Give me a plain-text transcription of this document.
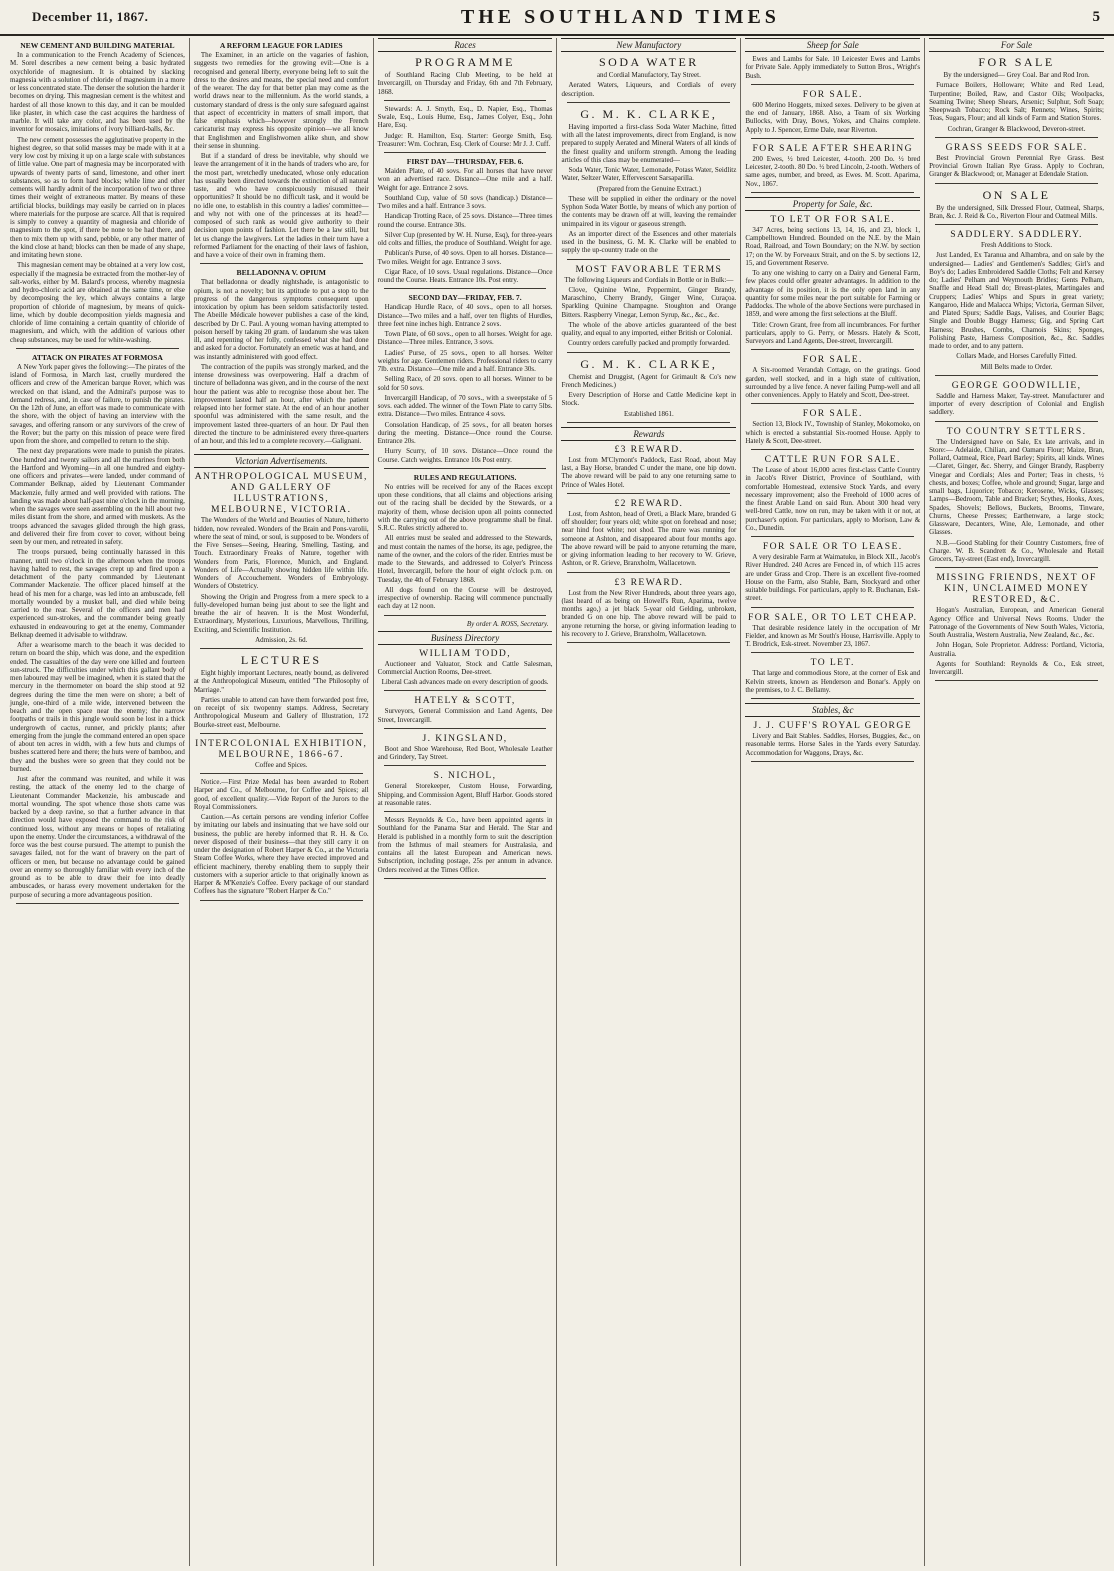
December 11, 1867.	THE SOUTHLAND TIMES	5
NEW CEMENT AND BUILDING MATERIAL

In a communication to the French Academy of Sciences, M. Sorel describes a new cement being a basic hydrated oxychloride of magnesium. It is obtained by slacking magnesia with a solution of chloride of magnesium in a more or less concentrated state. The denser the solution the harder it becomes on drying. This magnesian cement is the whitest and hardest of all those known to this day, and it can be moulded like plaster, in which case the cast acquires the hardness of marble. It will take any color, and has been used by the inventor for mosaics, imitations of ivory billiard-balls, &c.

The new cement possesses the agglutinative property in the highest degree, so that solid masses may be made with it at a very low cost by mixing it up on a large scale with substances of little value. One part of magnesia may be incorporated with upwards of twenty parts of sand, limestone, and other inert substances, so as to form hard blocks; while lime and other cements will hardly admit of the incorporation of two or three times their weight of extraneous matter. By means of these artificial blocks, buildings may easily be carried on in places where materials for the purpose are scarce. All that is required is simply to convey a quantity of magnesia and chloride of magnesium to the spot, if there be none to be had there, and then to mix them up with sand, pebble, or any other matter of the kind close at hand; blocks can then be made of any shape, and imitating hewn stone.

This magnesian cement may be obtained at a very low cost, especially if the magnesia be extracted from the mother-ley of salt-works, either by M. Balard's process, whereby magnesia and hydro-chloric acid are obtained at the same time, or else by decomposing the ley, which always contains a large proportion of chloride of magnesium, by means of quick-lime, which by double decomposition yields magnesia and chloride of lime containing a certain quantity of chloride of magnesium, and which, with the addition of various other cheap substances, may be used for white-washing.

ATTACK ON PIRATES AT FORMOSA

A New York paper gives the following:—The pirates of the island of Formosa, in March last, cruelly murdered the officers and crew of the American barque Rover, which was wrecked on that island, and the Admiral's purpose was to demand redress, and, in case of failure, to punish the pirates. On the 12th of June, an effort was made to communicate with the shore, with the object of having an interview with the savages, and offering ransom or any survivors of the crew of the Rover; but the party on this mission of peace were fired upon from the shore, and compelled to return to the ship.

The next day preparations were made to punish the pirates. One hundred and twenty sailors and all the marines from both the Hartford and Wyoming—in all one hundred and eighty-one officers and privates—were landed, under command of Commander Belknap, aided by Lieutenant Commander Mackenzie, fully armed and well provided with rations. The landing was made about half-past nine o'clock in the morning, when the savages were seen assembling on the hill about two miles distant from the shore, and armed with muskets. As the troops advanced the savages glided through the high grass, and delivered their fire from cover to cover, without being seen by our men, and retreated in safety.

The troops pursued, being continually harassed in this manner, until two o'clock in the afternoon when the troops having halted to rest, the savages crept up and fired upon a detachment of the party commanded by Lieutenant Commander Mackenzie. The officer placed himself at the head of his men for a charge, was led into an ambuscade, fell mortally wounded by a musket ball, and died while being carried to the rear. Several of the officers and men had experienced sun-strokes, and the commander being greatly exhausted in endeavouring to get at the enemy, Commander Belknap deemed it advisable to withdraw.

After a wearisome march to the beach it was decided to return on board the ship, which was done, and the expedition ended. The casualties of the day were one killed and fourteen sun-struck. The difficulties under which this gallant body of men laboured may well be imagined, when it is stated that the mercury in the thermometer on board the ship stood at 92 degrees during the time the men were on shore; a belt of jungle, one-third of a mile wide, intervened between the beach and the open space near the enemy; the narrow footpaths or trails in this jungle would soon be lost in a thick undergrowth of cactus, runner, and prickly plants; after emerging from the jungle the command entered an open space of about ten acres in width, with a few huts and clumps of bushes scattered here and there; the huts were of bamboo, and they and the bushes were so green that they could not be burned.

Just after the command was reunited, and while it was resting, the attack of the enemy led to the charge of Lieutenant Commander Mackenzie, his ambuscade and mortal wounding. The spot whence those shots came was backed by a deep ravine, so that a further advance in that direction would have exposed the command to the risk of continued loss, without any means or hopes of retaliating upon the enemy. Under the circumstances, a withdrawal of the force was the best course pursued. The attempt to punish the savages failed, not for the want of bravery on the part of officers or men, but because no advantage could be gained over an enemy so thoroughly familiar with every inch of the ground as to be able to draw their foe into deadly ambuscades, or harass every movement undertaken for the purpose of securing a more advantageous position.

A REFORM LEAGUE FOR LADIES

The Examiner, in an article on the vagaries of fashion, suggests two remedies for the growing evil:—One is a recognised and general liberty, everyone being left to suit the dress to the desires and means, the special need and comfort of the wearer. The day for that better plan may come as the world draws near to the millennium. As the world stands, a customary standard of dress is the only sure safeguard against that aspect of eccentricity in matters of small import, that false emphasis which—however strongly the French caricaturist may express his opposite opinion—we all know that Englishmen and Englishwomen alike shun, and show their sense in shunning.

But if a standard of dress be inevitable, why should we leave the arrangement of it in the hands of traders who are, for the most part, wretchedly uneducated, whose only education has usually been directed towards the extinction of all natural taste, and who have conspicuously misused their opportunities? It should be no difficult task, and it would be no idle one, to establish in this country a ladies' committee—and why not with one of the princesses at its head?—composed of such rank as would give authority to their decision upon points of fashion. Let there be a law still, but let us change the lawgivers. Let the ladies in their turn have a reformed Parliament for the enacting of their laws of fashion, and have a voice of their own in framing them.

BELLADONNA V. OPIUM

That belladonna or deadly nightshade, is antagonistic to opium, is not a novelty; but its aptitude to put a stop to the progress of the dangerous symptoms consequent upon intoxication by opium has been seldom satisfactorily tested. The Abeille Médicale however publishes a case of the kind, described by Dr C. Paul. A young woman having attempted to poison herself by taking 20 gram. of laudanum she was taken ill, and repenting of her folly, confessed what she had done and asked for a doctor. Fortunately an emetic was at hand, and was instantly administered with good effect.

The contraction of the pupils was strongly marked, and the intense drowsiness was overpowering. Half a drachm of tincture of belladonna was given, and in the course of the next hour the patient was able to recognise those about her. The improvement lasted half an hour, after which the patient relapsed into her former state. At the end of an hour another spoonful was administered with the same result, and the improvement lasted three-quarters of an hour. Dr Paul then directed the tincture to be administered every three-quarters of an hour, and this led to a complete recovery.—Galignani.

Victorian Advertisements.
ANTHROPOLOGICAL MUSEUM, AND GALLERY OF ILLUSTRATIONS, MELBOURNE, VICTORIA.

The Wonders of the World and Beauties of Nature, hitherto hidden, now revealed. Wonders of the Brain and Pons-varolii, where the seat of mind, or soul, is supposed to be. Wonders of the Five Senses—Seeing, Hearing, Smelling, Tasting, and Touch. Extraordinary Freaks of Nature, together with Wonders from Paris, Florence, Munich, and England. Wonders of Life—Actually showing hidden life within life. Wonders of Accouchement. Wonders of Embryology. Wonders of Obstetricy.

Showing the Origin and Progress from a mere speck to a fully-developed human being just about to see the light and breathe the air of heaven. It is the Most Wonderful, Extraordinary, Mysterious, Luxurious, Marvellous, Thrilling, Exciting, and Scientific Institution.

Admission, 2s. 6d.

LECTURES

Eight highly important Lectures, neatly bound, as delivered at the Anthropological Museum, entitled "The Philosophy of Marriage."

Parties unable to attend can have them forwarded post free, on receipt of six twopenny stamps. Address, Secretary Anthropological Museum and Gallery of Illustration, 172 Bourke-street east, Melbourne.

INTERCOLONIAL EXHIBITION, MELBOURNE, 1866-67.

Coffee and Spices.

Notice.—First Prize Medal has been awarded to Robert Harper and Co., of Melbourne, for Coffee and Spices; all good, of excellent quality.—Vide Report of the Jurors to the Royal Commissioners.

Caution.—As certain persons are vending inferior Coffee by imitating our labels and insinuating that we have sold our business, the public are hereby informed that R. H. & Co. never disposed of their business—that they still carry it on under the designation of Robert Harper & Co., at the Victoria Steam Coffee Works, where they have erected improved and efficient machinery, thereby enabling them to supply their customers with a superior article to that originally known as Harper & M'Kenzie's Coffee. Every package of our standard Coffees has the signature "Robert Harper & Co."

Races
PROGRAMME

of Southland Racing Club Meeting, to be held at Invercargill, on Thursday and Friday, 6th and 7th February, 1868.

Stewards: A. J. Smyth, Esq., D. Napier, Esq., Thomas Swale, Esq., Louis Hume, Esq., James Colyer, Esq., John Hare, Esq.

Judge: R. Hamilton, Esq. Starter: George Smith, Esq. Treasurer: Wm. Cochran, Esq. Clerk of Course: Mr J. J. Cuff.

FIRST DAY—THURSDAY, FEB. 6.

Maiden Plate, of 40 sovs. For all horses that have never won an advertised race. Distance—One mile and a half. Weight for age. Entrance 2 sovs.

Southland Cup, value of 50 sovs (handicap.) Distance—Two miles and a half. Entrance 3 sovs.

Handicap Trotting Race, of 25 sovs. Distance—Three times round the course. Entrance 30s.

Silver Cup (presented by W. H. Nurse, Esq), for three-years old colts and fillies, the produce of Southland. Weight for age.

Publican's Purse, of 40 sovs. Open to all horses. Distance—Two miles. Weight for age. Entrance 3 sovs.

Cigar Race, of 10 sovs. Usual regulations. Distance—Once round the Course. Heats. Entrance 10s. Post entry.

SECOND DAY—FRIDAY, FEB. 7.

Handicap Hurdle Race, of 40 sovs., open to all horses. Distance—Two miles and a half, over ten flights of Hurdles, three feet nine inches high. Entrance 2 sovs.

Town Plate, of 60 sovs., open to all horses. Weight for age. Distance—Three miles. Entrance, 3 sovs.

Ladies' Purse, of 25 sovs., open to all horses. Welter weights for age. Gentlemen riders. Professional riders to carry 7lb. extra. Distance—One mile and a half. Entrance 30s.

Selling Race, of 20 sovs. open to all horses. Winner to be sold for 50 sovs.

Invercargill Handicap, of 70 sovs., with a sweepstake of 5 sovs. each added. The winner of the Town Plate to carry 5lbs. extra. Distance—Two miles. Entrance 4 sovs.

Consolation Handicap, of 25 sovs., for all beaten horses during the meeting. Distance—Once round the Course. Entrance 20s.

Hurry Scurry, of 10 sovs. Distance—Once round the Course. Catch weights. Entrance 10s Post entry.

RULES AND REGULATIONS.

No entries will be received for any of the Races except upon these conditions, that all claims and objections arising out of the racing shall be decided by the Stewards, or a majority of them, whose decision upon all points connected with the carrying out of the above programme shall be final. S.R.C. Rules strictly adhered to.

All entries must be sealed and addressed to the Stewards, and must contain the names of the horse, its age, pedigree, the name of the owner, and the colors of the rider. Entries must be made to the Stewards, and addressed to Colyer's Princess Hotel, Invercargill, before the hour of eight o'clock p.m. on Tuesday, the 4th of February 1868.

All dogs found on the Course will be destroyed, irrespective of ownership. Racing will commence punctually each day at 12 noon.

By order A. ROSS, Secretary.
Business Directory
WILLIAM TODD,

Auctioneer and Valuator, Stock and Cattle Salesman, Commercial Auction Rooms, Dee-street.

Liberal Cash advances made on every description of goods.

HATELY & SCOTT,

Surveyors, General Commission and Land Agents, Dee Street, Invercargill.

J. KINGSLAND,

Boot and Shoe Warehouse, Red Boot, Wholesale Leather and Grindery, Tay Street.

S. NICHOL,

General Storekeeper, Custom House, Forwarding, Shipping, and Commission Agent, Bluff Harbor. Goods stored at reasonable rates.

Messrs Reynolds & Co., have been appointed agents in Southland for the Panama Star and Herald. The Star and Herald is published in a monthly form to suit the description from the Isthmus of mail steamers for Australasia, and contains all the latest European and American news. Subscription, including postage, 25s per annum in advance. Orders received at the Times Office.

New Manufactory
SODA WATER

and Cordial Manufactory, Tay Street.

Aerated Waters, Liqueurs, and Cordials of every description.

G. M. K. CLARKE,

Having imported a first-class Soda Water Machine, fitted with all the latest improvements, direct from England, is now prepared to supply Aerated and Mineral Waters of all kinds of the finest quality and uniform strength. Among the leading articles of this class may be enumerated—

Soda Water, Tonic Water, Lemonade, Potass Water, Seidlitz Water, Seltzer Water, Effervescent Sarsaparilla.

(Prepared from the Genuine Extract.)

These will be supplied in either the ordinary or the novel Syphon Soda Water Bottle, by means of which any portion of the contents may be drawn off at will, leaving the remainder unimpaired in its vigour or gaseous strength.

As an importer direct of the Essences and other materials used in the business, G. M. K. Clarke will be enabled to supply the up-country trade on the

MOST FAVORABLE TERMS

The following Liqueurs and Cordials in Bottle or in Bulk:—

Clove, Quinine Wine, Peppermint, Ginger Brandy, Maraschino, Cherry Brandy, Ginger Wine, Curaçoa. Sparkling Quinine Champagne. Stoughton and Orange Bitters. Raspberry Vinegar, Lemon Syrup, &c., &c., &c.

The whole of the above articles guaranteed of the best quality, and equal to any imported, either British or Colonial.

Country orders carefully packed and promptly forwarded.

G. M. K. CLARKE,

Chemist and Druggist, (Agent for Grimault & Co's new French Medicines.)

Every Description of Horse and Cattle Medicine kept in Stock.

Established 1861.

Rewards
£3 REWARD.

Lost from M'Clymont's Paddock, East Road, about May last, a Bay Horse, branded C under the mane, one hip down. The above reward will be paid to any one returning same to Prince of Wales Hotel.

£2 REWARD.

Lost, from Ashton, head of Oreti, a Black Mare, branded G off shoulder; four years old; white spot on forehead and nose; near hind foot white; not shod. The mare was running for someone at Ashton, and disappeared about four months ago. The above reward will be paid to anyone returning the mare, or giving information leading to her recovery to W. Grieve, Ashton, or R. Grieve, Branxholm, Wallacetown.

£3 REWARD.

Lost from the New River Hundreds, about three years ago, (last heard of as being on Howell's Run, Aparima, twelve months ago,) a jet black 5-year old Gelding, unbroken, branded G on one hip. The above reward will be paid to anyone returning the horse, or giving information leading to his recovery to J. Grieve, Branxholm, Wallacetown.

Sheep for Sale

Ewes and Lambs for Sale. 10 Leicester Ewes and Lambs for Private Sale. Apply immediately to Sutton Bros., Wright's Bush.

FOR SALE.

600 Merino Hoggets, mixed sexes. Delivery to be given at the end of January, 1868. Also, a Team of six Working Bullocks, with Dray, Bows, Yokes, and Chains complete. Apply to J. Spencer, Erme Dale, near Riverton.

FOR SALE AFTER SHEARING

200 Ewes, ½ bred Leicester, 4-tooth. 200 Do. ½ bred Leicester, 2-tooth. 80 Do. ½ bred Lincoln, 2-tooth. Wethers of same ages, number, and breed, as Ewes. M. Scott. Aparima, Nov., 1867.

Property for Sale, &c.
TO LET OR FOR SALE.

347 Acres, being sections 13, 14, 16, and 23, block 1, Campbelltown Hundred. Bounded on the N.E. by the Main Road, Railroad, and Town Boundary; on the N.W. by section 17; on the W. by Forveaux Strait, and on the S. by sections 12, 15, and Government Reserve.

To any one wishing to carry on a Dairy and General Farm, few places could offer greater advantages. In addition to the advantage of its position, it is the only open land in any quantity for some miles near the port suitable for Farming or Paddocks. The whole of the above Sections were purchased in 1859, and were among the first selections at the Bluff.

Title: Crown Grant, free from all incumbrances. For further particulars, apply to G. Perry, or Messrs. Hately & Scott, Surveyors and Land Agents, Dee-street, Invercargill.

FOR SALE.

A Six-roomed Verandah Cottage, on the gratings. Good garden, well stocked, and in a high state of cultivation, surrounded by a live fence. A never failing Pump-well and all other conveniences. Apply to Hately and Scott, Dee-street.

FOR SALE.

Section 13, Block IV., Township of Stanley, Mokomoko, on which is erected a substantial Six-roomed House. Apply to Hately & Scott, Dee-street.

CATTLE RUN FOR SALE.

The Lease of about 16,000 acres first-class Cattle Country in Jacob's River District, Province of Southland, with comfortable Homestead, extensive Stock Yards, and every necessary improvement; also the Freehold of 1000 acres of the finest Arable Land on said Run. About 300 head very well-bred Cattle, now on run, may be taken with it or not, at purchaser's option. For particulars, apply to Morison, Law & Co., Dunedin.

FOR SALE OR TO LEASE.

A very desirable Farm at Waimatuku, in Block XII., Jacob's River Hundred. 240 Acres are Fenced in, of which 115 acres are under Grass and Crop. There is an excellent five-roomed House on the Farm, also Stable, Barn, Stockyard and other suitable buildings. For particulars, apply to R. Buchanan, Esk-street.

FOR SALE, OR TO LET CHEAP.

That desirable residence lately in the occupation of Mr Fielder, and known as Mr South's House, Harrisville. Apply to T. Brodrick, Esk-street. November 23, 1867.

TO LET.

That large and commodious Store, at the corner of Esk and Kelvin streets, known as Henderson and Bonar's. Apply on the premises, to J. C. Bellamy.

Stables, &c
J. J. CUFF'S ROYAL GEORGE

Livery and Bait Stables. Saddles, Horses, Buggies, &c., on reasonable terms. Horse Sales in the Yards every Saturday. Accommodation for Waggons, Drays, &c.

For Sale
FOR SALE

By the undersigned— Grey Coal. Bar and Rod Iron.

Furnace Boilers, Holloware; White and Red Lead, Turpentine; Boiled, Raw, and Castor Oils; Woolpacks, Seaming Twine; Sheep Shears, Arsenic; Sulphur, Soft Soap; Sheepwash Tobacco; Rock Salt; Rennets; Wines, Spirits; Teas, Sugars, Flour; and all kinds of Farm and Station Stores.

Cochran, Granger & Blackwood, Deveron-street.

GRASS SEEDS FOR SALE.

Best Provincial Grown Perennial Rye Grass. Best Provincial Grown Italian Rye Grass. Apply to Cochran, Granger & Blackwood; or, Manager at Edendale Station.

ON SALE

By the undersigned, Silk Dressed Flour, Oatmeal, Sharps, Bran, &c. J. Reid & Co., Riverton Flour and Oatmeal Mills.

SADDLERY. SADDLERY.

Fresh Additions to Stock.

Just Landed, Ex Taranua and Alhambra, and on sale by the undersigned— Ladies' and Gentlemen's Saddles; Girl's and Boy's do; Ladies Embroidered Saddle Cloths; Felt and Kersey do; Ladies' Pelham and Weymouth Bridles; Gents Pelham, Snaffle and Head Stall do; Breast-plates, Martingales and Cruppers; Ladies' Whips and Spurs in great variety; Kangaroo, Hide and Malacca Whips; Victoria, German Silver, and Plated Spurs; Saddle Bags, Valises, and Courier Bags; Single and Double Buggy Harness; Gig, and Spring Cart Harness; Brushes, Combs, Chamois Skins; Sponges, Polishing Paste, Harness Composition, &c., &c. Saddles made to order, and to any pattern.

Collars Made, and Horses Carefully Fitted.

Mill Belts made to Order.

GEORGE GOODWILLIE,

Saddle and Harness Maker, Tay-street. Manufacturer and importer of every description of Colonial and English saddlery.

TO COUNTRY SETTLERS.

The Undersigned have on Sale, Ex late arrivals, and in Store:— Adelaide, Chilian, and Oamaru Flour; Maize, Bran, Pollard, Oatmeal, Rice, Pearl Barley; Spirits, all kinds. Wines—Claret, Ginger, &c. Sherry, and Ginger Brandy, Raspberry Vinegar and Cordials; Ales and Porter; Teas in chests, ½ chests, and boxes; Coffee, whole and ground; Sugar, large and small bags, Liquorice; Tobacco; Kerosene, Wicks, Glasses; Lamps—Bedroom, Table and Bracket; Scythes, Hooks, Axes, Spades, Shovels; Bellows, Buckets, Brooms, Tinware, Churns, Cheese Presses; Earthenware, a large stock; Glassware, Decanters, Wine, Ale, Lemonade, and other Glasses.

N.B.—Good Stabling for their Country Customers, free of Charge. W. B. Scandrett & Co., Wholesale and Retail Grocers, Tay-street (East end), Invercargill.

MISSING FRIENDS, NEXT OF KIN, UNCLAIMED MONEY RESTORED, &C.

Hogan's Australian, European, and American General Agency Office and Universal News Rooms. Under the Patronage of the Governments of New South Wales, Victoria, South Australia, Western Australia, New Zealand, &c., &c.

John Hogan, Sole Proprietor. Address: Portland, Victoria, Australia.

Agents for Southland: Reynolds & Co., Esk street, Invercargill.
